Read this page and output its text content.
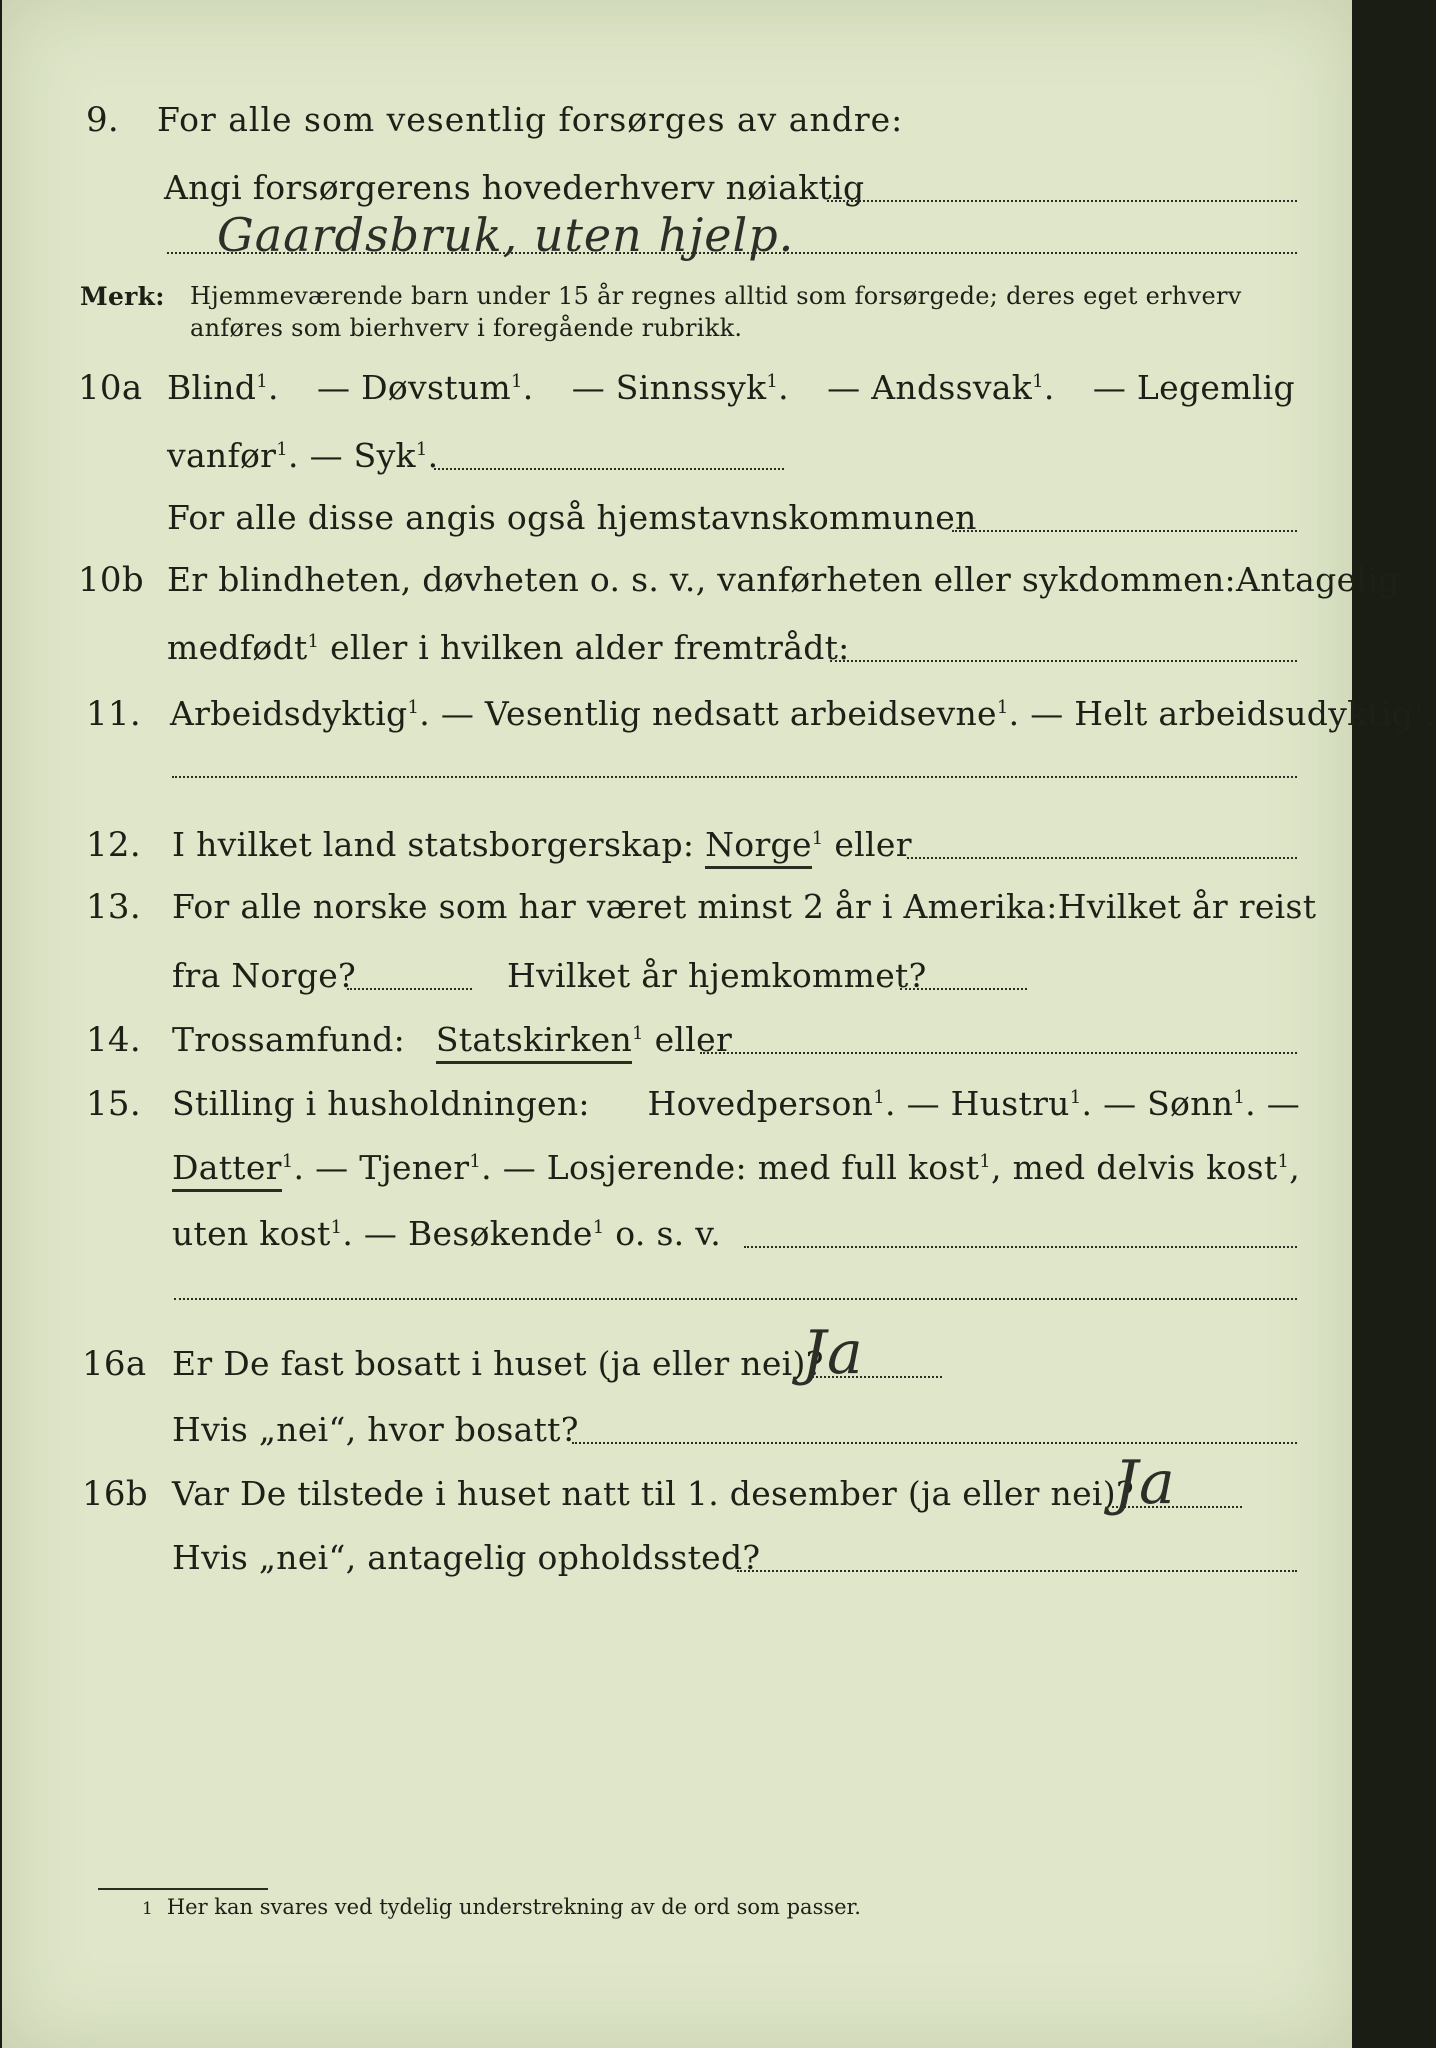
9. For alle som vesentlig forsørges av andre:
Angi forsørgerens hovederhverv nøiaktig
Gaardsbruk, uten hjelp.
Merk: Hjemmeværende barn under 15 år regnes alltid som forsørgede; deres eget erhverv
anføres som bierhverv i foregående rubrikk.
10a Blind$^1$. — Døvstum$^1$. — Sinnssyk$^1$. — Andssvak$^1$. — Legemlig
vanfør$^1$. — Syk$^1$.
For alle disse angis også hjemstavnskommunen
10b Er blindheten, døvheten o. s. v., vanførheten eller sykdommen: Antagelig
medfødt$^1$ eller i hvilken alder fremtrådt:
11. Arbeidsdyktig$^1$. — Vesentlig nedsatt arbeidsevne$^1$. — Helt arbeidsudyktig$^1$.
12. I hvilket land statsborgerskap: Norge$^1$ eller
13. For alle norske som har været minst 2 år i Amerika: Hvilket år reist
fra Norge?	Hvilket år hjemkommet?
14. Trossamfund: Statskirken$^1$ eller
15. Stilling i husholdningen: Hovedperson$^1$. — Hustru$^1$. — Sønn$^1$. —
Datter$^1$. — Tjener$^1$. — Losjerende: med full kost$^1$, med delvis kost$^1$,
uten kost$^1$. — Besøkende$^1$ o. s. v.
16a Er De fast bosatt i huset (ja eller nei)?
Ja
Hvis „nei“, hvor bosatt?
16b Var De tilstede i huset natt til 1. desember (ja eller nei)?
Ja
Hvis „nei“, antagelig opholdssted?
1 Her kan svares ved tydelig understrekning av de ord som passer.
